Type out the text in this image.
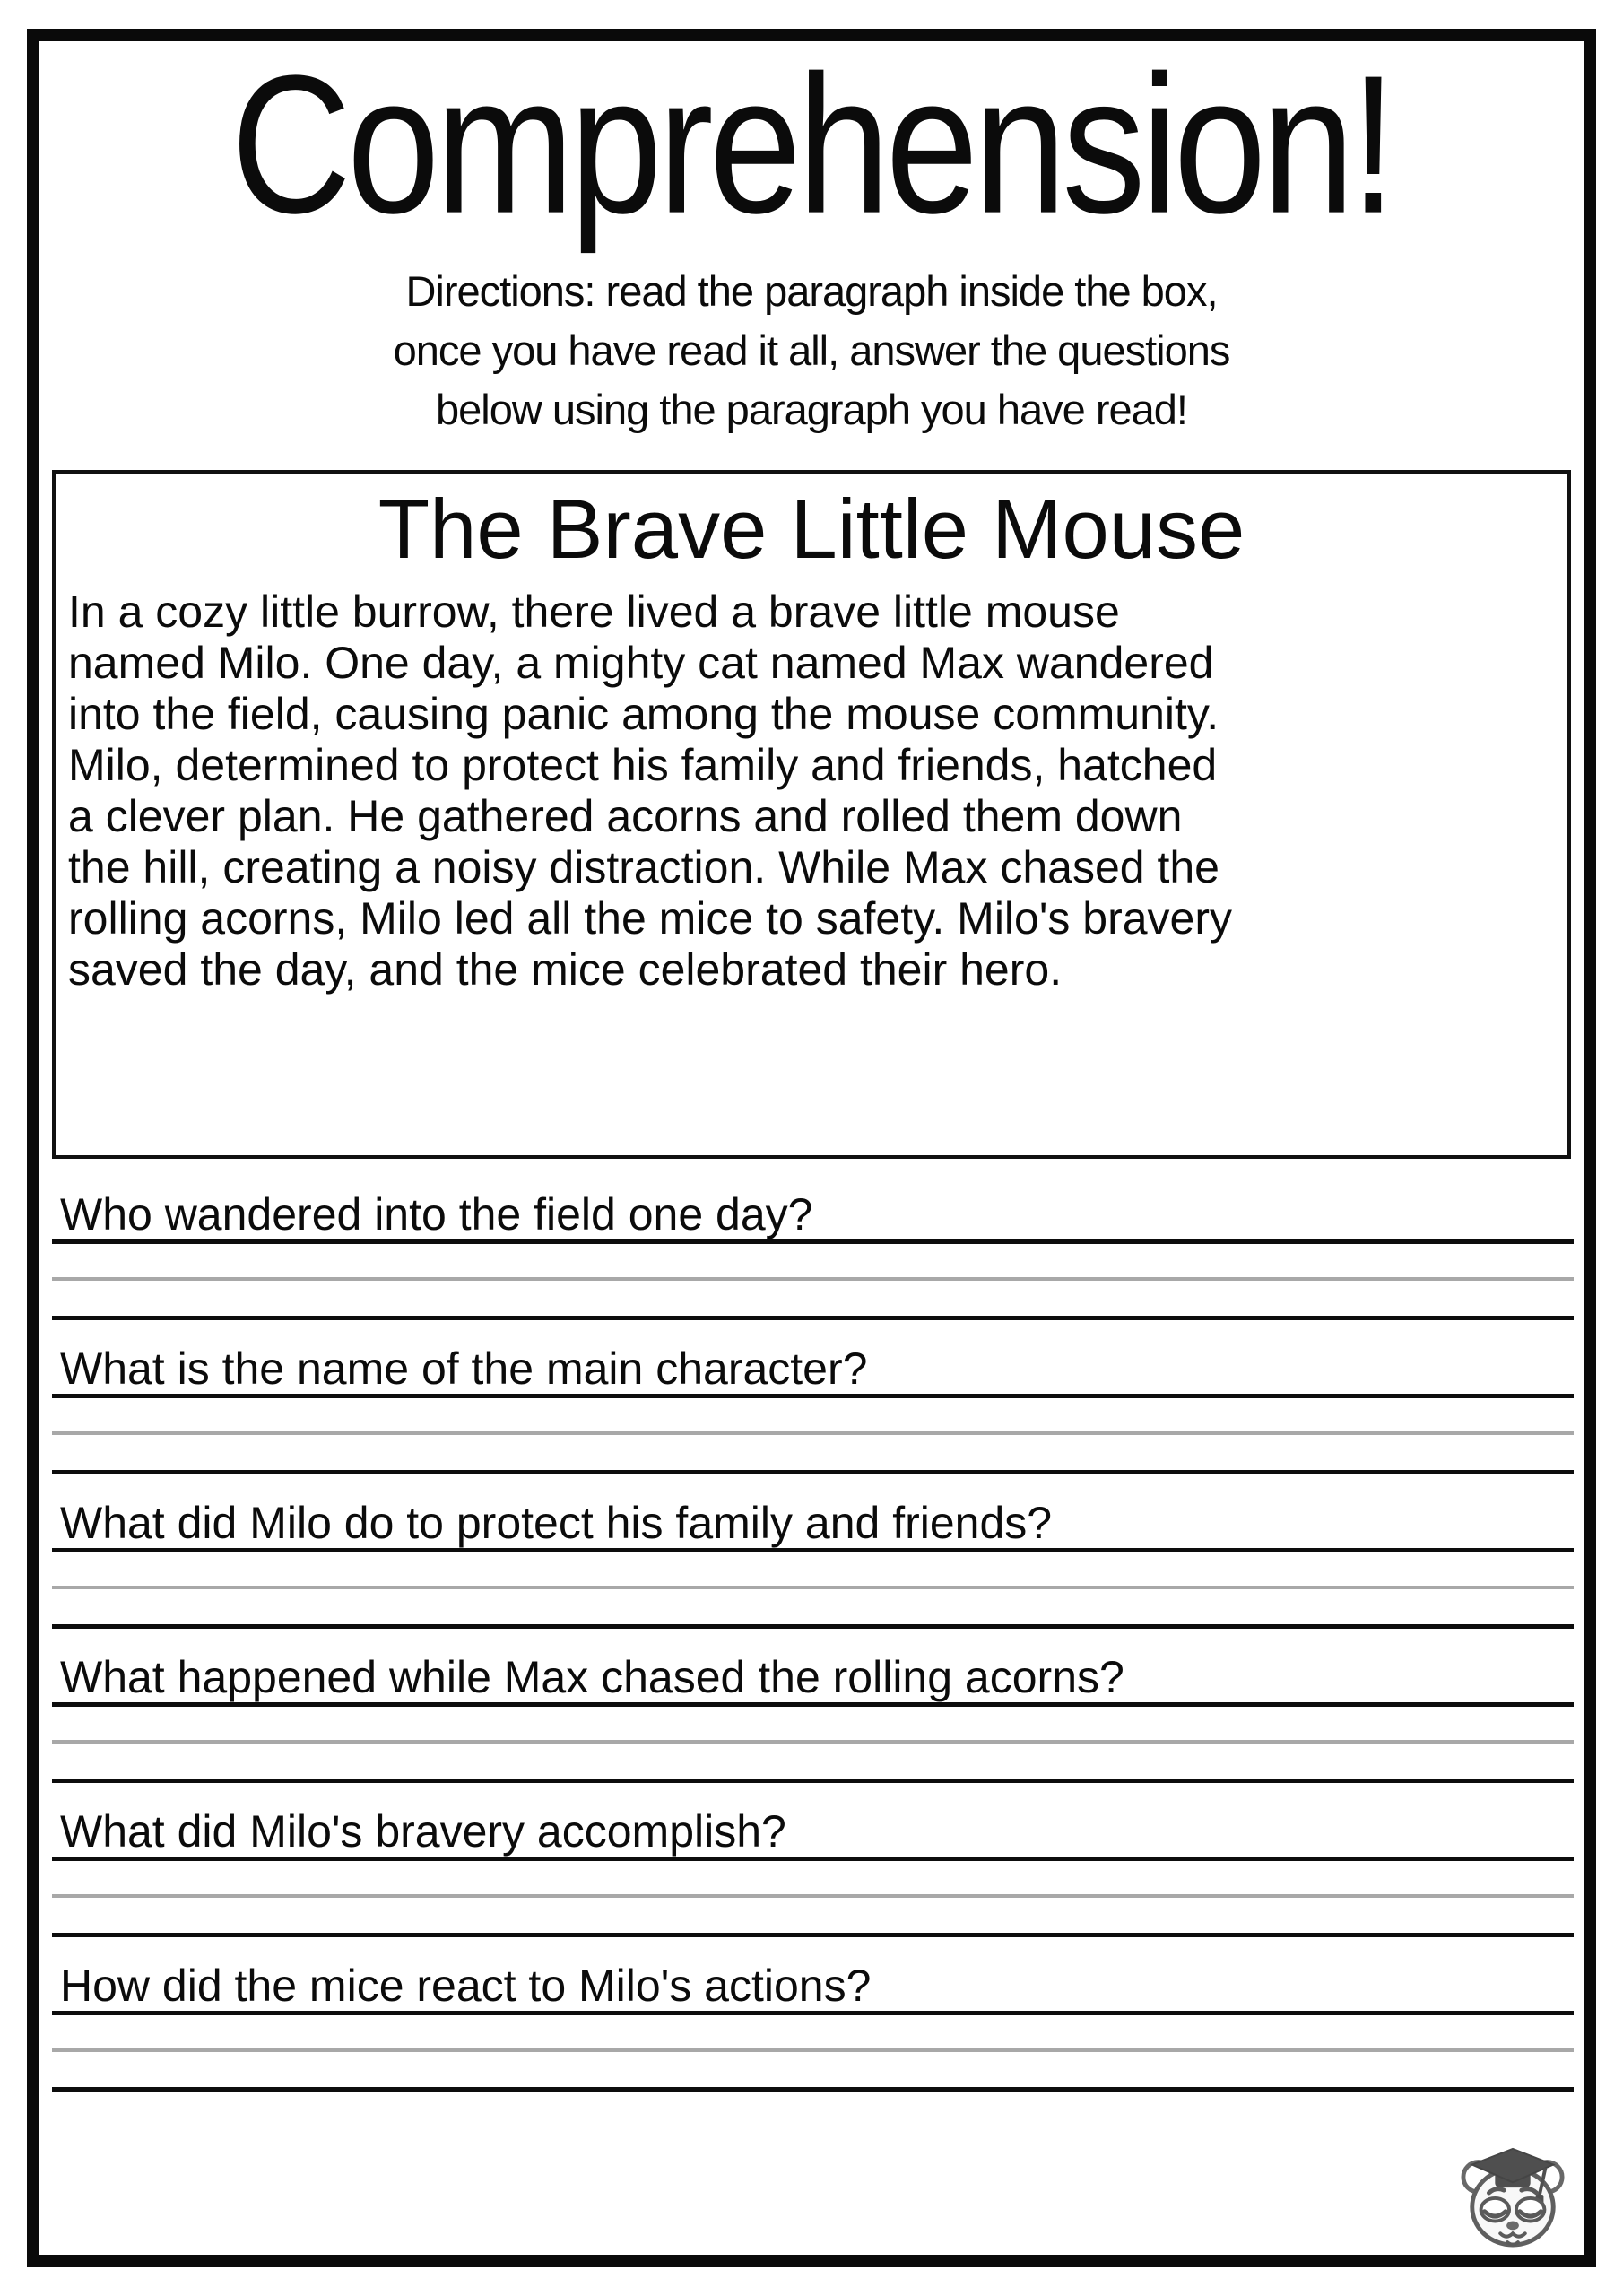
Comprehension!
Directions: read the paragraph inside the box,
once you have read it all, answer the questions
below using the paragraph you have read!
The Brave Little Mouse
In a cozy little burrow, there lived a brave little mouse
named Milo. One day, a mighty cat named Max wandered
into the field, causing panic among the mouse community.
Milo, determined to protect his family and friends, hatched
a clever plan. He gathered acorns and rolled them down
the hill, creating a noisy distraction. While Max chased the
rolling acorns, Milo led all the mice to safety. Milo's bravery
saved the day, and the mice celebrated their hero.
Who wandered into the field one day?
What is the name of the main character?
What did Milo do to protect his family and friends?
What happened while Max chased the rolling acorns?
What did Milo's bravery accomplish?
How did the mice react to Milo's actions?
